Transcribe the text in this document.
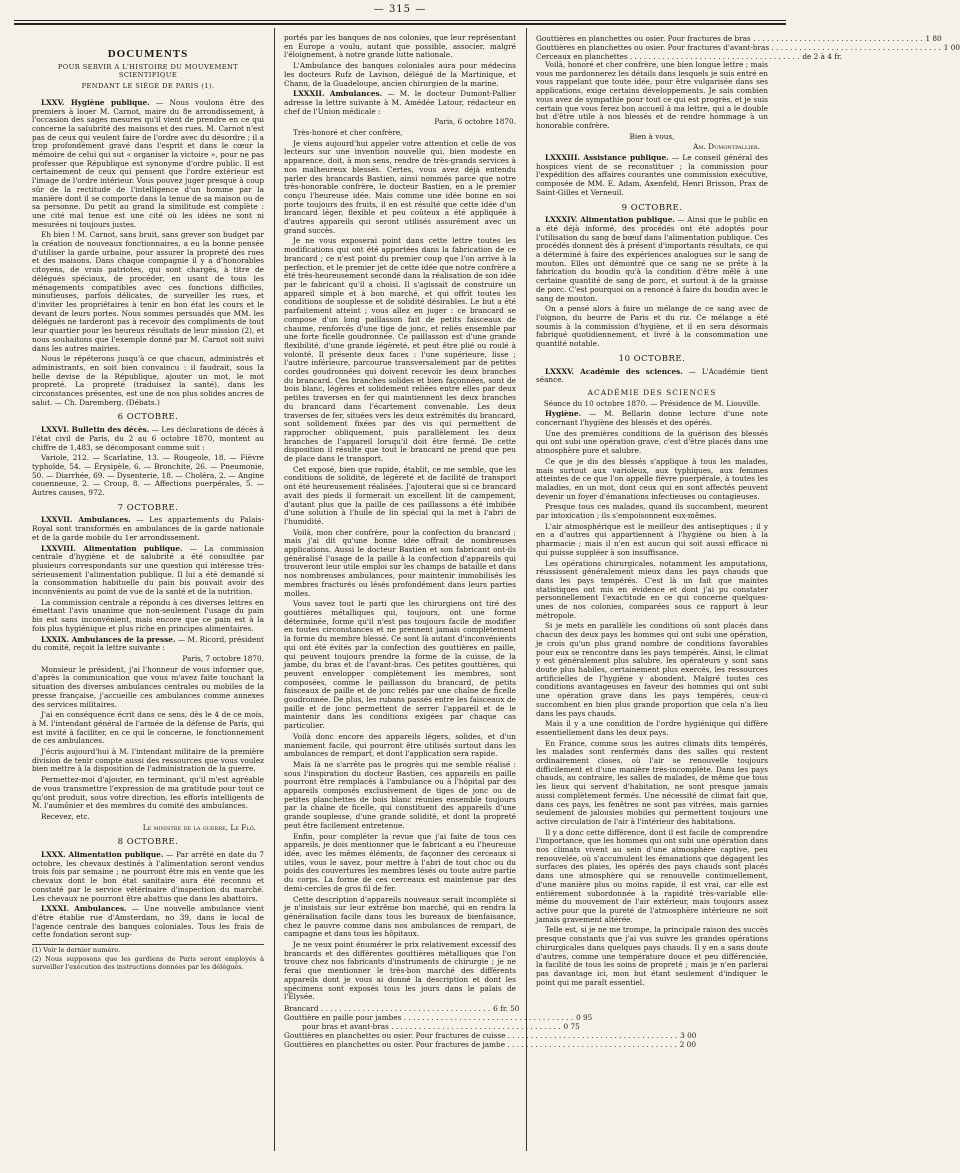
— 315 —
DOCUMENTS
POUR SERVIR A L'HISTOIRE DU MOUVEMENT SCIENTIFIQUE
PENDANT LE SIÉGE DE PARIS (1).

LXXV. Hygiène publique. — Nous voulons être des premiers à louer M. Carnot, maire du 8e arrondissement, à l'occasion des sages mesures qu'il vient de prendre en ce qui concerne la salubrité des maisons et des rues. M. Carnot n'est pas de ceux qui veulent faire de l'ordre avec du désordre ; il a trop profondément gravé dans l'esprit et dans le cœur la mémoire de celui qui sut « organiser la victoire », pour ne pas professer que République est synonyme d'ordre public. Il est certainement de ceux qui pensent que l'ordre extérieur est l'image de l'ordre intérieur. Vous pouvez juger presque à coup sûr de la rectitude de l'intelligence d'un homme par la manière dont il se comporte dans la tenue de sa maison ou de sa personne. Du petit au grand la similitude est complète : une cité mal tenue est une cité où les idées ne sont ni mesurées ni toujours justes.

Eh bien ! M. Carnot, sans bruit, sans grever son budget par la création de nouveaux fonctionnaires, a eu la bonne pensée d'utiliser la garde urbaine, pour assurer la propreté des rues et des maisons. Dans chaque compagnie il y a d'honorables citoyens, de vrais patriotes, qui sont chargés, à titre de délégués spéciaux, de procéder, en usant de tous les ménagements compatibles avec ces fonctions difficiles, minutieuses, parfois délicates, de surveiller les rues, et d'inviter les propriétaires à tenir en bon état les cours et le devant de leurs portes. Nous sommes persuadés que MM. les délégués ne tarderont pas à recevoir des compliments de tout leur quartier pour les heureux résultats de leur mission (2), et nous souhaitons que l'exemple donné par M. Carnot soit suivi dans les autres mairies.

Nous le répéterons jusqu'à ce que chacun, administrés et administrants, en soit bien convaincu : il faudrait, sous la belle devise de la République, ajouter un mot, le mot propreté. La propreté (traduisez la santé), dans les circonstances présentes, est une de nos plus solides ancres de salut. — Ch. Daremberg. (Débats.)

6 OCTOBRE.

LXXVI. Bulletin des décès. — Les déclarations de décès à l'état civil de Paris, du 2 au 6 octobre 1870, montent au chiffre de 1,483, se décomposant comme suit :

Variole, 212. — Scarlatine, 13. — Rougeole, 18. — Fièvre typhoïde, 54. — Érysipèle, 6. — Bronchite, 26. — Pneumonie, 50. — Diarrhée, 69. — Dysenterie, 18. — Choléra, 2. — Angine couenneuse, 2. — Croup, 8. — Affections puerpérales, 5. — Autres causes, 972.

7 OCTOBRE.

LXXVII. Ambulances. — Les appartements du Palais-Royal sont transformés en ambulances de la garde nationale et de la garde mobile du 1er arrondissement.

LXXVIII. Alimentation publique. — La commission centrale d'hygiène et de salubrité a été consultée par plusieurs correspondants sur une question qui intéresse très-sérieusement l'alimentation publique. Il lui a été demandé si la consommation habituelle du pain bis pouvait avoir des inconvénients au point de vue de la santé et de la nutrition.

La commission centrale a répondu à ces diverses lettres en émettant l'avis unanime que non-seulement l'usage du pain bis est sans inconvénient, mais encore que ce pain est à la fois plus hygiénique et plus riche en principes alimentaires.

LXXIX. Ambulances de la presse. — M. Ricord, président du comité, reçoit la lettre suivante :

Paris, 7 octobre 1870.

Monsieur le président, j'ai l'honneur de vous informer que, d'après la communication que vous m'avez faite touchant la situation des diverses ambulances centrales ou mobiles de la presse française, j'accueille ces ambulances comme annexes des services militaires.

J'ai en conséquence écrit dans ce sens, dès le 4 de ce mois, à M. l'intendant général de l'armée de la défense de Paris, qui est invité à faciliter, en ce qui le concerne, le fonctionnement de ces ambulances.

J'écris aujourd'hui à M. l'intendant militaire de la première division de tenir compte aussi des ressources que vous voulez bien mettre à la disposition de l'administration de la guerre.

Permettez-moi d'ajouter, en terminant, qu'il m'est agréable de vous transmettre l'expression de ma gratitude pour tout ce qu'ont produit, sous votre direction, les efforts intelligents de M. l'aumônier et des membres du comité des ambulances.

Recevez, etc.

Le ministre de la guerre, Le Flô.

8 OCTOBRE.

LXXX. Alimentation publique. — Par arrêté en date du 7 octobre, les chevaux destinés à l'alimentation seront vendus trois fois par semaine ; ne pourront être mis en vente que les chevaux dont le bon état sanitaire aura été reconnu et constaté par le service vétérinaire d'inspection du marché. Les chevaux ne pourront être abattus que dans les abattoirs.

LXXXI. Ambulances. — Une nouvelle ambulance vient d'être établie rue d'Amsterdam, no 39, dans le local de l'agence centrale des banques coloniales. Tous les frais de cette fondation seront sup-

(1) Voir le dernier numéro.

(2) Nous supposons que les gardiens de Paris seront employés à surveiller l'exécution des instructions données par les délégués.

portés par les banques de nos colonies, que leur représentant en Europe a voulu, autant que possible, associer, malgré l'éloignement, à notre grande lutte nationale.

L'Ambulance des banques coloniales aura pour médecins les docteurs Rufz de Lavison, délégué de la Martinique, et Chanu, de la Guadeloupe, ancien chirurgien de la marine.

LXXXII. Ambulances. — M. le docteur Dumont-Pallier adresse la lettre suivante à M. Amédée Latour, rédacteur en chef de l'Union médicale :

Paris, 6 octobre 1870.

Très-honoré et cher confrère,

Je viens aujourd'hui appeler votre attention et celle de vos lecteurs sur une invention nouvelle qui, bien modeste en apparence, doit, à mon sens, rendre de très-grands services à nos malheureux blessés. Certes, vous avez déjà entendu parler des brancards Bastien, ainsi nommés parce que notre très-honorable confrère, le docteur Bastien, en a le premier conçu l'heureuse idée. Mais comme une idée bonne en soi porte toujours des fruits, il en est résulté que cette idée d'un brancard léger, flexible et peu coûteux a été appliquée à d'autres appareils qui seront utilisés assurément avec un grand succès.

Je ne vous exposerai point dans cette lettre toutes les modifications qui ont été apportées dans la fabrication de ce brancard ; ce n'est point du premier coup que l'on arrive à la perfection, et le premier jet de cette idée que notre confrère a été très-heureusement secondé dans la réalisation de son idée par le fabricant qu'il a choisi. Il s'agissait de construire un appareil simple et à bon marché, et qui offrît toutes les conditions de souplesse et de solidité désirables. Le but a été parfaitement atteint ; vous allez en juger : ce brancard se compose d'un long paillasson fait de petits faisceaux de chaume, renforcés d'une tige de jonc, et reliés ensemble par une forte ficelle goudronnée. Ce paillasson est d'une grande flexibilité, d'une grande légèreté, et peut être plié ou roulé à volonté. Il présente deux faces : l'une supérieure, lisse ; l'autre inférieure, parcourue transversalement par de petites cordes goudronnées qui doivent recevoir les deux branches du brancard. Ces branches solides et bien façonnées, sont de bois blanc, légères et solidement reliées entre elles par deux petites traverses en fer qui maintiennent les deux branches du brancard dans l'écartement convenable. Les deux traverses de fer, situées vers les deux extrémités du brancard, sont solidement fixées par des vis qui permettent de rapprocher obliquement, puis parallèlement les deux branches de l'appareil lorsqu'il doit être fermé. De cette disposition il résulte que tout le brancard ne prend que peu de place dans le transport.

Cet exposé, bien que rapide, établit, ce me semble, que les conditions de solidité, de légèreté et de facilité de transport ont été heureusement réalisées. J'ajouterai que si ce brancard avait des pieds il formerait un excellent lit de campement, d'autant plus que la paille de ces paillassons a été imbibée d'une solution à l'huile de lin spécial qui la met à l'abri de l'humidité.

Voilà, mon cher confrère, pour la confection du brancard ; mais j'ai dit qu'une bonne idée offrait de nombreuses applications. Aussi le docteur Bastien et son fabricant ont-ils généralisé l'usage de la paille à la confection d'appareils qui trouveront leur utile emploi sur les champs de bataille et dans nos nombreuses ambulances, pour maintenir immobilisés les membres fracturés ou lésés profondément dans leurs parties molles.

Vous savez tout le parti que les chirurgiens ont tiré des gouttières métalliques qui, toujours, ont une forme déterminée, forme qu'il n'est pas toujours facile de modifier en toutes circonstances et ne prennent jamais complètement la forme du membre blessé. Ce sont là autant d'inconvénients qui ont été évités par la confection des gouttières en paille, qui peuvent toujours prendre la forme de la cuisse, de la jambe, du bras et de l'avant-bras. Ces petites gouttières, qui peuvent envelopper complètement les membres, sont composées, comme le paillasson du brancard, de petits faisceaux de paille et de jonc reliés par une chaîne de ficelle goudronnée. De plus, les rubans passés entre les faisceaux de paille et de jonc permettent de serrer l'appareil et de le maintenir dans les conditions exigées par chaque cas particulier.

Voilà donc encore des appareils légers, solides, et d'un maniement facile, qui pourront être utilisés surtout dans les ambulances de rempart, et dont l'application sera rapide.

Mais là ne s'arrête pas le progrès qui me semble réalisé : sous l'inspiration du docteur Bastien, ces appareils en paille pourront être remplacés à l'ambulance ou à l'hôpital par des appareils composés exclusivement de tiges de jonc ou de petites planchettes de bois blanc réunies ensemble toujours par la chaîne de ficelle, qui constituent des appareils d'une grande souplesse, d'une grande solidité, et dont la propreté peut être facilement entretenue.

Enfin, pour compléter la revue que j'ai faite de tous ces appareils, je dois mentionner que le fabricant a eu l'heureuse idée, avec les mêmes éléments, de façonner des cerceaux si utiles, vous le savez, pour mettre à l'abri de tout choc ou du poids des couvertures les membres lésés ou toute autre partie du corps. La forme de ces cerceaux est maintenue par des demi-cercles de gros fil de fer.

Cette description d'appareils nouveaux serait incomplète si je n'insistais sur leur extrême bon marché, qui en rendra la généralisation facile dans tous les bureaux de bienfaisance, chez le pauvre comme dans nos ambulances de rempart, de campagne et dans tous les hôpitaux.

Je ne veux point énumérer le prix relativement excessif des brancards et des différentes gouttières métalliques que l'on trouve chez nos fabricants d'instruments de chirurgie ; je ne ferai que mentionner le très-bon marché des différents appareils dont je vous ai donné la description et dont les spécimens sont exposés tous les jours dans le palais de l'Élysée.

Brancard . . .	6 fr. 50
Gouttière en paille pour jambes . . .	0 95
pour bras et avant-bras . . .	0 75
Gouttières en planchettes ou osier. Pour fractures de cuisse . . .	3 00
Gouttières en planchettes ou osier. Pour fractures de jambe . . .	2 00
Gouttières en planchettes ou osier. Pour fractures de bras . . .	1 80
Gouttières en planchettes ou osier. Pour fractures d'avant-bras . . .	1 00
Cerceaux en planchettes . . .	de 2 à 4 fr.

Voilà, honoré et cher confrère, une bien longue lettre ; mais vous me pardonnerez les détails dans lesquels je suis entré en vous rappelant que toute idée, pour être vulgarisée dans ses applications, exige certains développements. Je sais combien vous avez de sympathie pour tout ce qui est progrès, et je suis certain que vous ferez bon accueil à ma lettre, qui a le double but d'être utile à nos blessés et de rendre hommage à un honorable confrère.

Bien à vous,

Am. Dumontpallier.

LXXXIII. Assistance publique. — Le conseil général des hospices vient de se reconstituer ; la commission pour l'expédition des affaires courantes une commission exécutive, composée de MM. E. Adam, Axenfeld, Henri Brisson, Prax de Saint-Gilles et Verneuil.

9 OCTOBRE.

LXXXIV. Alimentation publique. — Ainsi que le public en a été déjà informé, des procédés ont été adoptés pour l'utilisation du sang de bœuf dans l'alimentation publique. Ces procédés donnent dès à présent d'importants résultats, ce qui a déterminé à faire des expériences analogues sur le sang de mouton. Elles ont démontré que ce sang ne se prête à la fabrication du boudin qu'à la condition d'être mêlé à une certaine quantité de sang de porc, et surtout à de la graisse de porc. C'est pourquoi on a renoncé à faire du boudin avec le sang de mouton.

On a pensé alors à faire un mélange de ce sang avec de l'oignon, du beurre de Paris et du riz. Ce mélange a été soumis à la commission d'hygiène, et il en sera désormais fabriqué quotidiennement, et livré à la consommation une quantité notable.

10 OCTOBRE.

LXXXV. Académie des sciences. — L'Académie tient séance.

ACADÉMIE DES SCIENCES

Séance du 10 octobre 1870. — Présidence de M. Liouville.

Hygiène. — M. Bellarin donne lecture d'une note concernant l'hygiène des blessés et des opérés.

Une des premières conditions de la guérison des blessés qui ont subi une opération grave, c'est d'être placés dans une atmosphère pure et salubre.

Ce que je dis des blessés s'applique à tous les malades, mais surtout aux varioleux, aux typhiques, aux femmes atteintes de ce que l'on appelle fièvre puerpérale, à toutes les maladies, en un mot, dont ceux qui en sont affectés peuvent devenir un foyer d'émanations infectieuses ou contagieuses.

Presque tous ces malades, quand ils succombent, meurent par intoxication ; ils s'empoisonnent eux-mêmes.

L'air atmosphérique est le meilleur des antiseptiques ; il y en a d'autres qui appartiennent à l'hygiène ou bien à la pharmacie ; mais il n'en est aucun qui soit aussi efficace ni qui puisse suppléer à son insuffisance.

Les opérations chirurgicales, notamment les amputations, réussissent généralement mieux dans les pays chauds que dans les pays tempérés. C'est là un fait que maintes statistiques ont mis en évidence et dont j'ai pu constater personnellement l'exactitude en ce qui concerne quelques-unes de nos colonies, comparées sous ce rapport à leur métropole.

Si je mets en parallèle les conditions où sont placés dans chacun des deux pays les hommes qui ont subi une opération, je crois qu'un plus grand nombre de conditions favorables pour eux se rencontre dans les pays tempérés. Ainsi, le climat y est généralement plus salubre, les opérateurs y sont sans doute plus habiles, certainement plus exercés, les ressources artificielles de l'hygiène y abondent. Malgré toutes ces conditions avantageuses en faveur des hommes qui ont subi une opération grave dans les pays tempérés, ceux-ci succombent en bien plus grande proportion que cela n'a lieu dans les pays chauds.

Mais il y a une condition de l'ordre hygiénique qui diffère essentiellement dans les deux pays.

En France, comme sous les autres climats dits tempérés, les malades sont renfermés dans des salles qui restent ordinairement closes, où l'air se renouvelle toujours difficilement et d'une manière très-incomplète. Dans les pays chauds, au contraire, les salles de malades, de même que tous les lieux qui servent d'habitation, ne sont presque jamais aussi complètement fermés. Une nécessité de climat fait que, dans ces pays, les fenêtres ne sont pas vitrées, mais garnies seulement de jalousies mobiles qui permettent toujours une active circulation de l'air à l'intérieur des habitations.

Il y a donc cette différence, dont il est facile de comprendre l'importance, que les hommes qui ont subi une opération dans nos climats vivent au sein d'une atmosphère captive, peu renouvelée, où s'accumulent les émanations que dégagent les surfaces des plaies, les opérés des pays chauds sont placés dans une atmosphère qui se renouvelle continuellement, d'une manière plus ou moins rapide, il est vrai, car elle est entièrement subordonnée à la rapidité très-variable elle-même du mouvement de l'air extérieur, mais toujours assez active pour que la pureté de l'atmosphère intérieure ne soit jamais gravement altérée.

Telle est, si je ne me trompe, la principale raison des succès presque constants que j'ai vus suivre les grandes opérations chirurgicales dans quelques pays chauds. Il y en a sans doute d'autres, comme une température douce et peu différenciée, la facilité de tous les soins de propreté ; mais je n'en parlerai pas davantage ici, mon but étant seulement d'indiquer le point qui me paraît essentiel.
